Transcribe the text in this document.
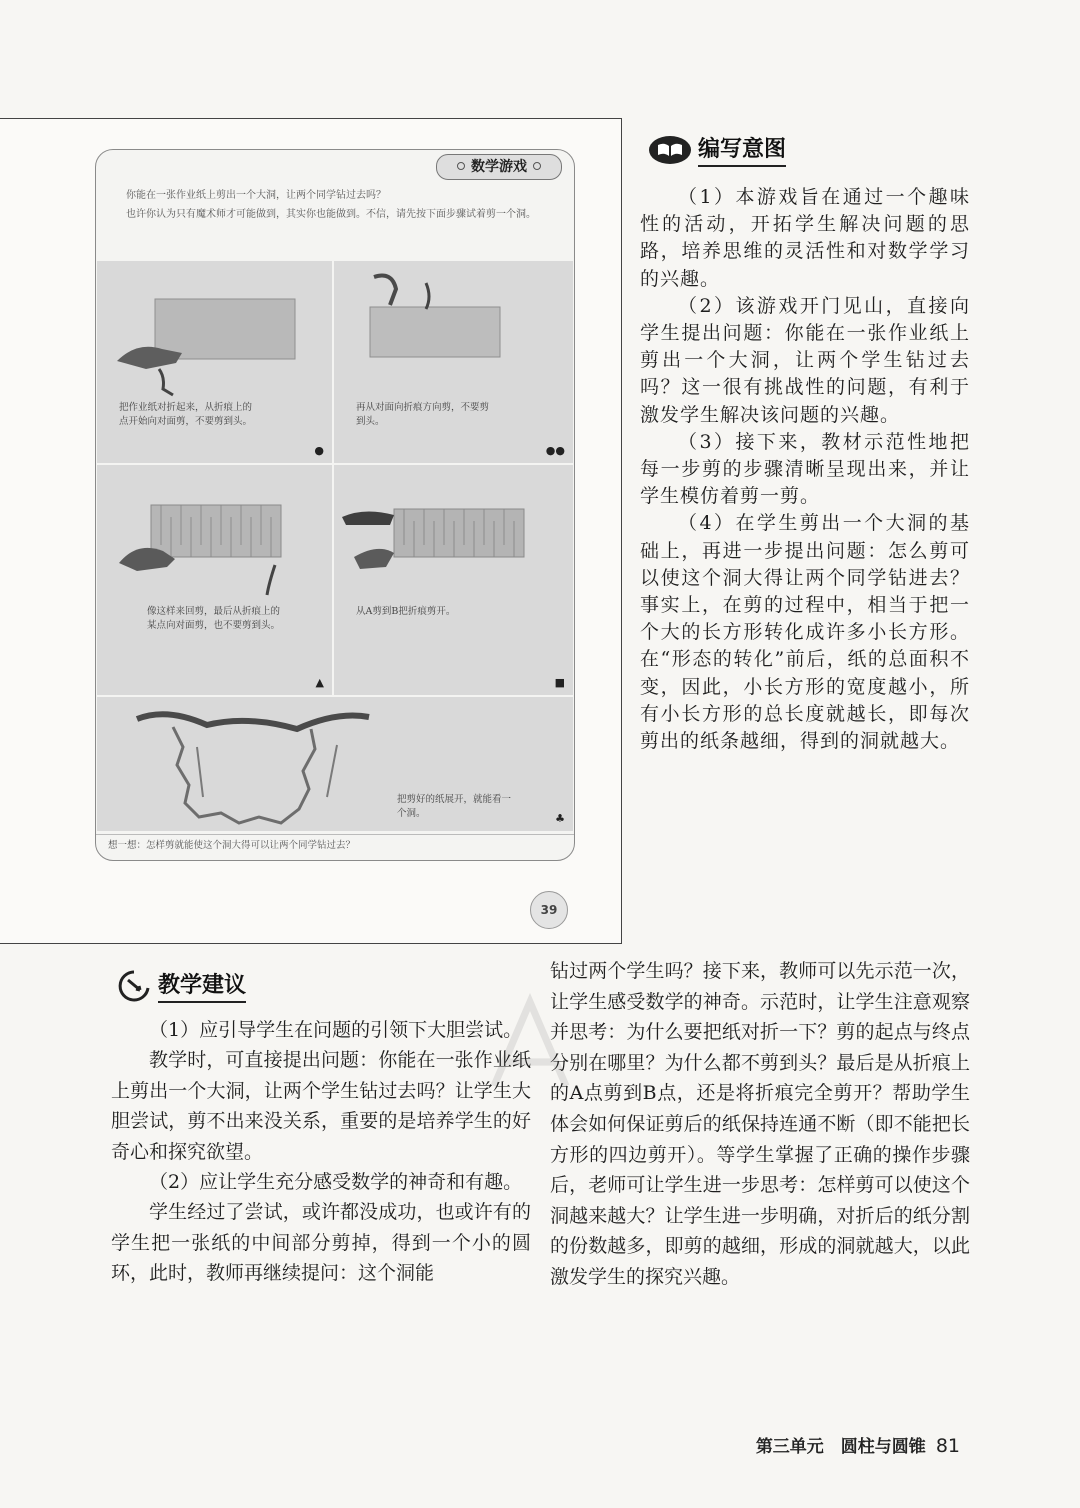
数学游戏

你能在一张作业纸上剪出一个大洞，让两个同学钻过去吗？

也许你认为只有魔术师才可能做到，其实你也能做到。不信，请先按下面步骤试着剪一个洞。

把作业纸对折起来，从折痕上的点开始向对面剪，不要剪到头。
●
再从对面向折痕方向剪，不要剪到头。
●●
像这样来回剪，最后从折痕上的某点向对面剪，也不要剪到头。
▲
从A剪到B把折痕剪开。
■
把剪好的纸展开，就能看一个洞。	♣
想一想：怎样剪就能使这个洞大得可以让两个同学钻过去？
39
编写意图

（1）本游戏旨在通过一个趣味性的活动，开拓学生解决问题的思路，培养思维的灵活性和对数学学习的兴趣。

（2）该游戏开门见山，直接向学生提出问题：你能在一张作业纸上剪出一个大洞，让两个学生钻过去吗？这一很有挑战性的问题，有利于激发学生解决该问题的兴趣。

（3）接下来，教材示范性地把每一步剪的步骤清晰呈现出来，并让学生模仿着剪一剪。

（4）在学生剪出一个大洞的基础上，再进一步提出问题：怎么剪可以使这个洞大得让两个同学钻进去？事实上，在剪的过程中，相当于把一个大的长方形转化成许多小长方形。在“形态的转化”前后，纸的总面积不变，因此，小长方形的宽度越小，所有小长方形的总长度就越长，即每次剪出的纸条越细，得到的洞就越大。

教学建议

（1）应引导学生在问题的引领下大胆尝试。

教学时，可直接提出问题：你能在一张作业纸上剪出一个大洞，让两个学生钻过去吗？让学生大胆尝试，剪不出来没关系，重要的是培养学生的好奇心和探究欲望。

（2）应让学生充分感受数学的神奇和有趣。

学生经过了尝试，或许都没成功，也或许有的学生把一张纸的中间部分剪掉，得到一个小的圆环，此时，教师再继续提问：这个洞能

钻过两个学生吗？接下来，教师可以先示范一次，让学生感受数学的神奇。示范时，让学生注意观察并思考：为什么要把纸对折一下？剪的起点与终点分别在哪里？为什么都不剪到头？最后是从折痕上的A点剪到B点，还是将折痕完全剪开？帮助学生体会如何保证剪后的纸保持连通不断（即不能把长方形的四边剪开）。等学生掌握了正确的操作步骤后，老师可让学生进一步思考：怎样剪可以使这个洞越来越大？让学生进一步明确，对折后的纸分割的份数越多，即剪的越细，形成的洞就越大，以此激发学生的探究兴趣。

第三单元　圆柱与圆锥 81
